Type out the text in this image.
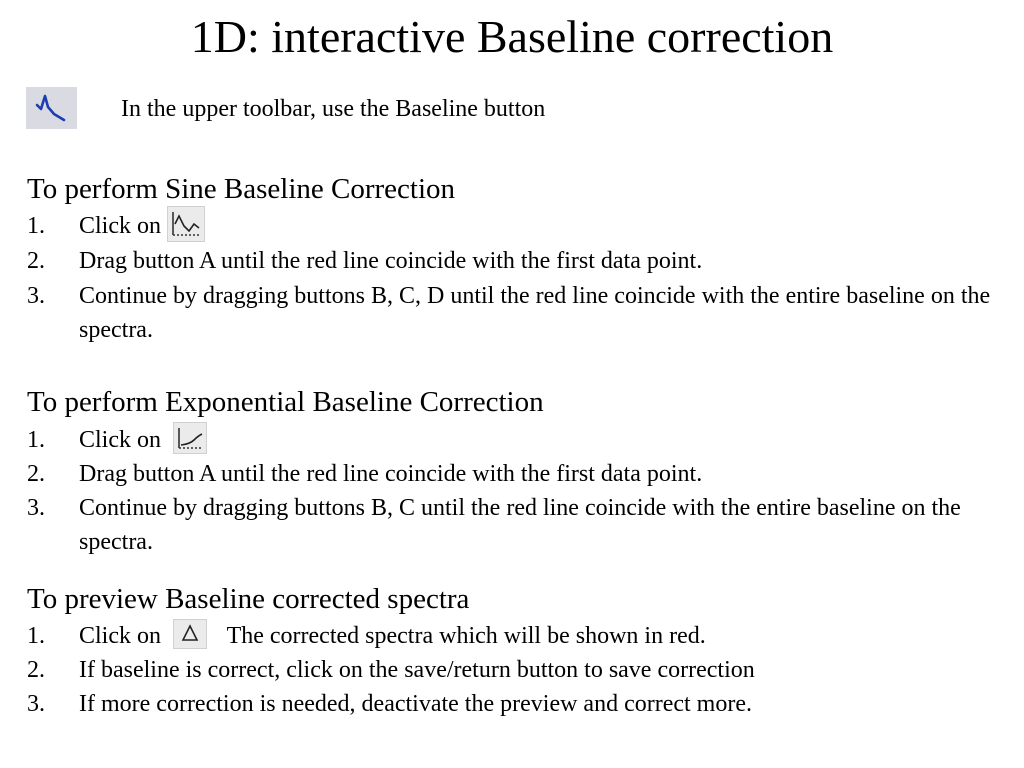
1D: interactive Baseline correction
In the upper toolbar, use the Baseline button
To perform Sine Baseline Correction
1. Click on
2. Drag button A until the red line coincide with the first data point.
3. Continue by dragging buttons B, C, D until the red line coincide with the entire baseline on the spectra.
To perform Exponential Baseline Correction
1. Click on
2. Drag button A until the red line coincide with the first data point.
3. Continue by dragging buttons B, C until the red line coincide with the entire baseline on the spectra.
To preview Baseline corrected spectra
1. Click on	The corrected spectra which will be shown in red.
2. If baseline is correct, click on the save/return button to save correction
3. If more correction is needed, deactivate the preview and correct more.
